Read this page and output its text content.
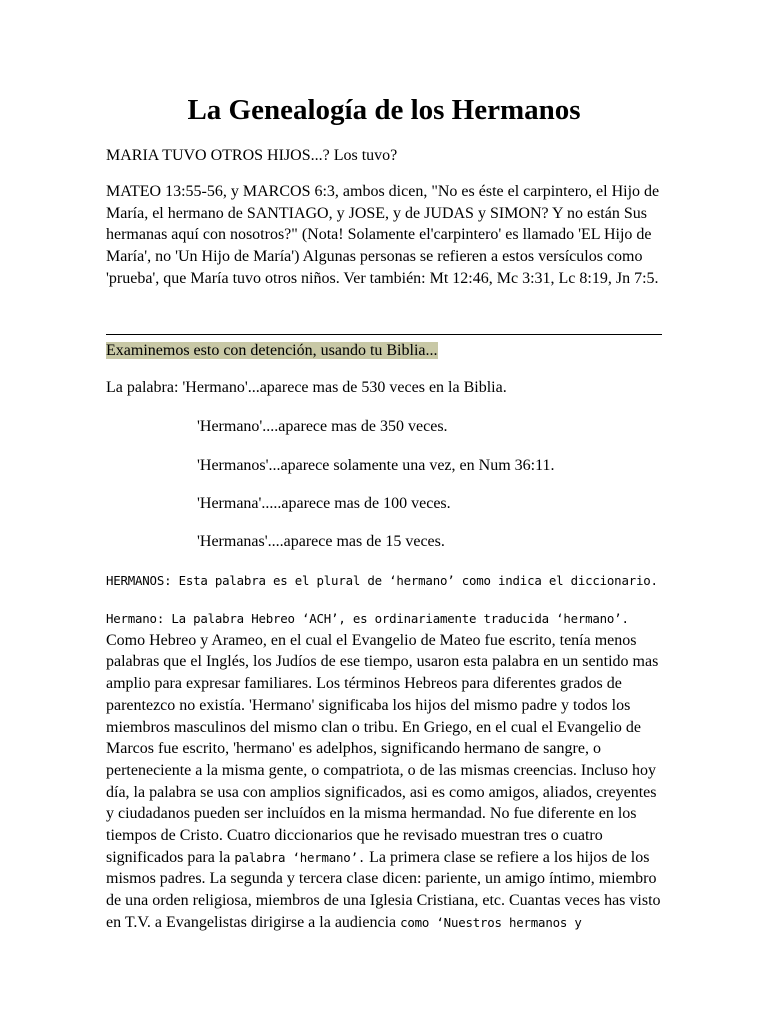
La Genealogía de los Hermanos

MARIA TUVO OTROS HIJOS...? Los tuvo?

MATEO 13:55-56, y MARCOS 6:3, ambos dicen, "No es éste el carpintero, el Hijo de María, el hermano de SANTIAGO, y JOSE, y de JUDAS y SIMON? Y no están Sus hermanas aquí con nosotros?" (Nota! Solamente el'carpintero' es llamado 'EL Hijo de María', no 'Un Hijo de María') Algunas personas se refieren a estos versículos como 'prueba', que María tuvo otros niños. Ver también: Mt 12:46, Mc 3:31, Lc 8:19, Jn 7:5.

Examinemos esto con detención, usando tu Biblia...

La palabra: 'Hermano'...aparece mas de 530 veces en la Biblia.

'Hermano'....aparece mas de 350 veces.

'Hermanos'...aparece solamente una vez, en Num 36:11.

'Hermana'.....aparece mas de 100 veces.

'Hermanas'....aparece mas de 15 veces.

HERMANOS: Esta palabra es el plural de ‘hermano’ como indica el diccionario.

Hermano: La palabra Hebreo ‘ACH’, es ordinariamente traducida ‘hermano’. Como Hebreo y Arameo, en el cual el Evangelio de Mateo fue escrito, tenía menos palabras que el Inglés, los Judíos de ese tiempo, usaron esta palabra en un sentido mas amplio para expresar familiares. Los términos Hebreos para diferentes grados de parentezco no existía. 'Hermano' significaba los hijos del mismo padre y todos los miembros masculinos del mismo clan o tribu. En Griego, en el cual el Evangelio de Marcos fue escrito, 'hermano' es adelphos, significando hermano de sangre, o perteneciente a la misma gente, o compatriota, o de las mismas creencias. Incluso hoy día, la palabra se usa con amplios significados, asi es como amigos, aliados, creyentes y ciudadanos pueden ser incluídos en la misma hermandad. No fue diferente en los tiempos de Cristo. Cuatro diccionarios que he revisado muestran tres o cuatro significados para la palabra ‘hermano’. La primera clase se refiere a los hijos de los mismos padres. La segunda y tercera clase dicen: pariente, un amigo íntimo, miembro de una orden religiosa, miembros de una Iglesia Cristiana, etc. Cuantas veces has visto en T.V. a Evangelistas dirigirse a la audiencia como ‘Nuestros hermanos y
